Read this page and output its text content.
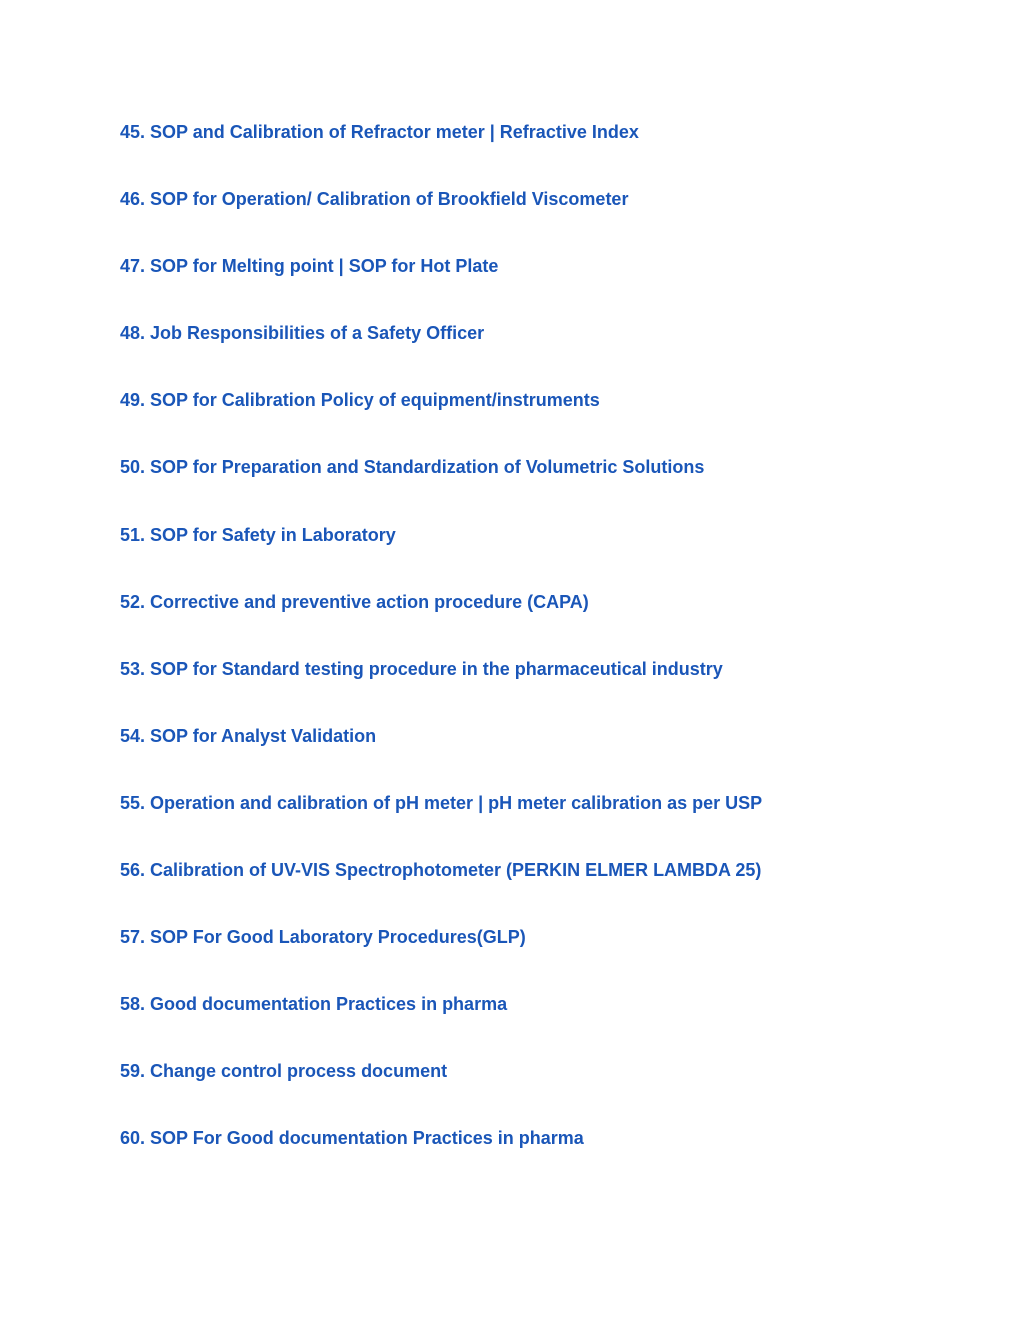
45. SOP and Calibration of Refractor meter | Refractive Index
46. SOP for Operation/ Calibration of Brookfield Viscometer
47. SOP for Melting point | SOP for Hot Plate
48. Job Responsibilities of a Safety Officer
49. SOP for Calibration Policy of equipment/instruments
50. SOP for Preparation and Standardization of Volumetric Solutions
51. SOP for Safety in Laboratory
52. Corrective and preventive action procedure (CAPA)
53. SOP for Standard testing procedure in the pharmaceutical industry
54. SOP for Analyst Validation
55. Operation and calibration of pH meter | pH meter calibration as per USP
56. Calibration of UV-VIS Spectrophotometer (PERKIN ELMER LAMBDA 25)
57. SOP For Good Laboratory Procedures(GLP)
58. Good documentation Practices in pharma
59. Change control process document
60. SOP For Good documentation Practices in pharma
